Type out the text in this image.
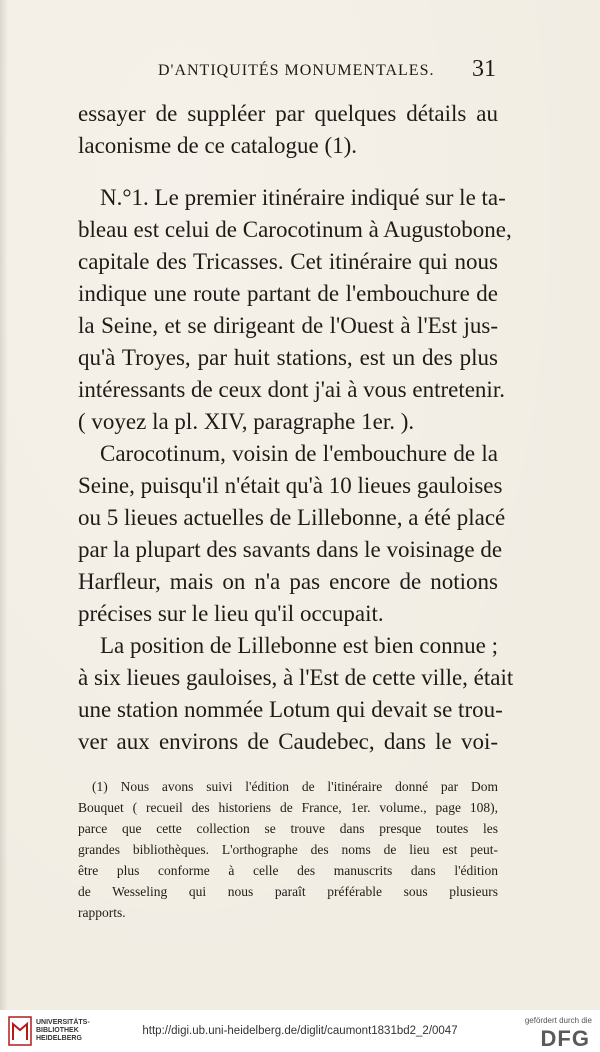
D'ANTIQUITÉS MONUMENTALES. 31
essayer de suppléer par quelques détails au
laconisme de ce catalogue (1).
N.°1. Le premier itinéraire indiqué sur le ta-
bleau est celui de Carocotinum à Augustobone,
capitale des Tricasses. Cet itinéraire qui nous
indique une route partant de l'embouchure de
la Seine, et se dirigeant de l'Ouest à l'Est jus-
qu'à Troyes, par huit stations, est un des plus
intéressants de ceux dont j'ai à vous entretenir.
( voyez la pl. XIV, paragraphe 1er. ).
Carocotinum, voisin de l'embouchure de la
Seine, puisqu'il n'était qu'à 10 lieues gauloises
ou 5 lieues actuelles de Lillebonne, a été placé
par la plupart des savants dans le voisinage de
Harfleur, mais on n'a pas encore de notions
précises sur le lieu qu'il occupait.
La position de Lillebonne est bien connue ;
à six lieues gauloises, à l'Est de cette ville, était
une station nommée Lotum qui devait se trou-
ver aux environs de Caudebec, dans le voi-
(1) Nous avons suivi l'édition de l'itinéraire donné par Dom
Bouquet ( recueil des historiens de France, 1er. volume., page 108),
parce que cette collection se trouve dans presque toutes les
grandes bibliothèques. L'orthographe des noms de lieu est peut-
être plus conforme à celle des manuscrits dans l'édition
de Wesseling qui nous paraît préférable sous plusieurs
rapports.
UNIVERSITÄTS-
BIBLIOTHEK
HEIDELBERG
http://digi.ub.uni-heidelberg.de/diglit/caumont1831bd2_2/0047
gefördert durch die
DFG
